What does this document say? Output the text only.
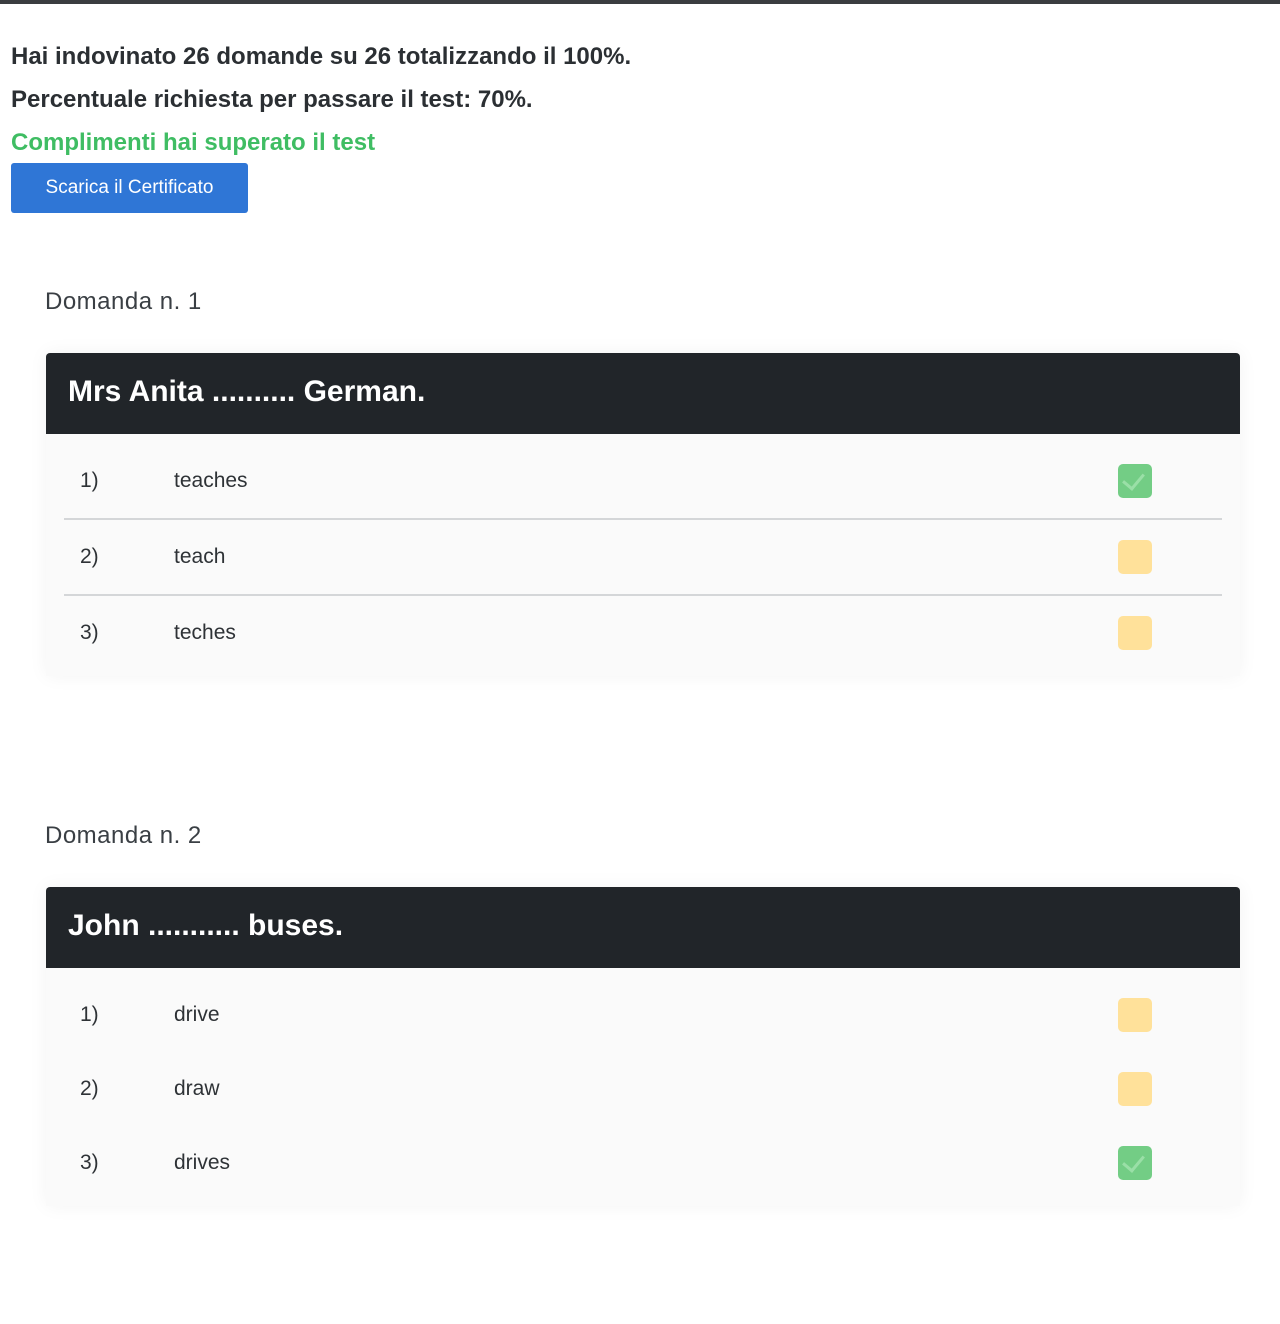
Hai indovinato 26 domande su 26 totalizzando il 100%.
Percentuale richiesta per passare il test: 70%.
Complimenti hai superato il test
Scarica il Certificato
Domanda n. 1
Mrs Anita .......... German.
1)	teaches
2)	teach
3)	teches
Domanda n. 2
John ........... buses.
1)	drive
2)	draw
3)	drives
